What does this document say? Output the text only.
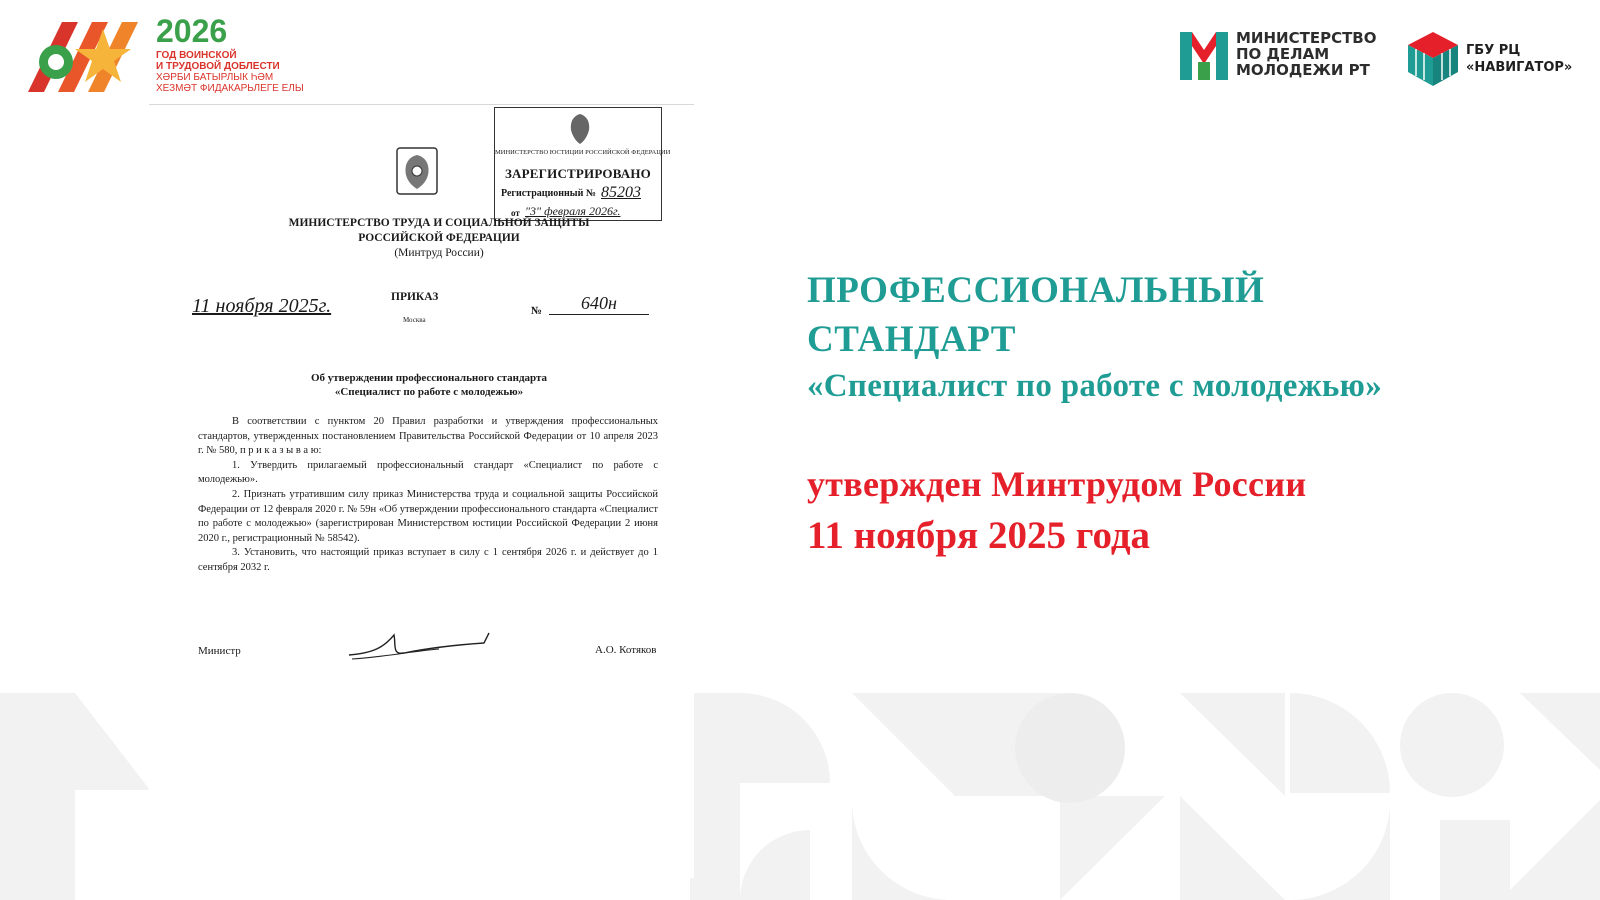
2026
ГОД ВОИНСКОЙ
И ТРУДОВОЙ ДОБЛЕСТИ
ХӘРБИ БАТЫРЛЫК ҺӘМ
ХЕЗМӘТ ФИДАКАРЬЛЕГЕ ЕЛЫ
МИНИСТЕРСТВО
ПО ДЕЛАМ
МОЛОДЕЖИ РТ
ГБУ РЦ
«НАВИГАТОР»
МИНИСТЕРСТВО ЮСТИЦИИ РОССИЙСКОЙ ФЕДЕРАЦИИ
ЗАРЕГИСТРИРОВАНО
Регистрационный № 85203
от "3" февраля 2026г.
МИНИСТЕРСТВО ТРУДА И СОЦИАЛЬНОЙ ЗАЩИТЫ
РОССИЙСКОЙ ФЕДЕРАЦИИ
(Минтруд России)
11 ноября 2025г.	ПРИКАЗ
Москва
№	640н
Об утверждении профессионального стандарта
«Специалист по работе с молодежью»

В соответствии с пунктом 20 Правил разработки и утверждения профессиональных стандартов, утвержденных постановлением Правительства Российской Федерации от 10 апреля 2023 г. № 580, п р и к а з ы в а ю:

1. Утвердить прилагаемый профессиональный стандарт «Специалист по работе с молодежью».

2. Признать утратившим силу приказ Министерства труда и социальной защиты Российской Федерации от 12 февраля 2020 г. № 59н «Об утверждении профессионального стандарта «Специалист по работе с молодежью» (зарегистрирован Министерством юстиции Российской Федерации 2 июня 2020 г., регистрационный № 58542).

3. Установить, что настоящий приказ вступает в силу с 1 сентября 2026 г. и действует до 1 сентября 2032 г.

Министр	А.О. Котяков
ПРОФЕССИОНАЛЬНЫЙ
СТАНДАРТ
«Специалист по работе с молодежью»
утвержден Минтрудом России
11 ноября 2025 года
